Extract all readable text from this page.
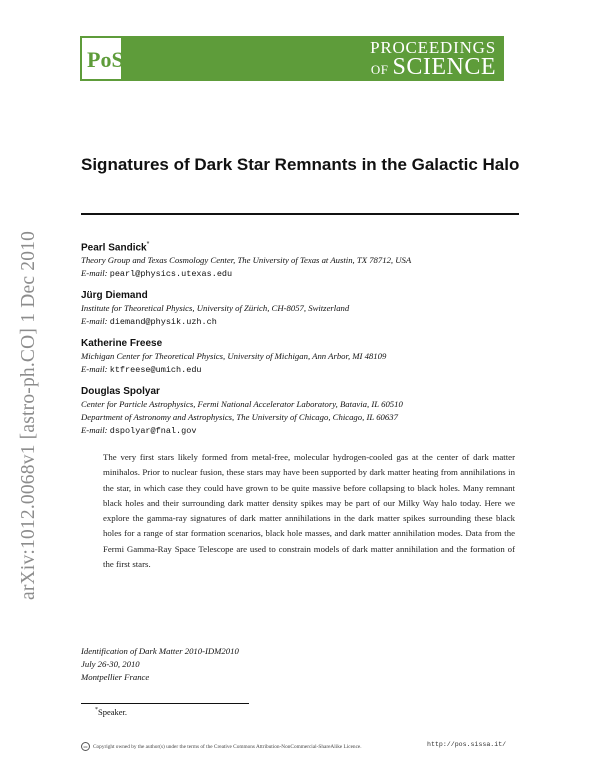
arXiv:1012.0068v1 [astro-ph.CO] 1 Dec 2010
PoS	PROCEEDINGS
OF SCIENCE
Signatures of Dark Star Remnants in the Galactic Halo
Pearl Sandick*
Theory Group and Texas Cosmology Center, The University of Texas at Austin, TX 78712, USA
E-mail: pearl@physics.utexas.edu
Jürg Diemand
Institute for Theoretical Physics, University of Zürich, CH-8057, Switzerland
E-mail: diemand@physik.uzh.ch
Katherine Freese
Michigan Center for Theoretical Physics, University of Michigan, Ann Arbor, MI 48109
E-mail: ktfreese@umich.edu
Douglas Spolyar
Center for Particle Astrophysics, Fermi National Accelerator Laboratory, Batavia, IL 60510
Department of Astronomy and Astrophysics, The University of Chicago, Chicago, IL 60637
E-mail: dspolyar@fnal.gov
The very first stars likely formed from metal-free, molecular hydrogen-cooled gas at the center of dark matter minihalos. Prior to nuclear fusion, these stars may have been supported by dark matter heating from annihilations in the star, in which case they could have grown to be quite massive before collapsing to black holes. Many remnant black holes and their surrounding dark matter density spikes may be part of our Milky Way halo today. Here we explore the gamma-ray signatures of dark matter annihilations in the dark matter spikes surrounding these black holes for a range of star formation scenarios, black hole masses, and dark matter annihilation modes. Data from the Fermi Gamma-Ray Space Telescope are used to constrain models of dark matter annihilation and the formation of the first stars.
Identification of Dark Matter 2010-IDM2010
July 26-30, 2010
Montpellier France
*Speaker.
cc	Copyright owned by the author(s) under the terms of the Creative Commons Attribution-NonCommercial-ShareAlike Licence.	http://pos.sissa.it/
